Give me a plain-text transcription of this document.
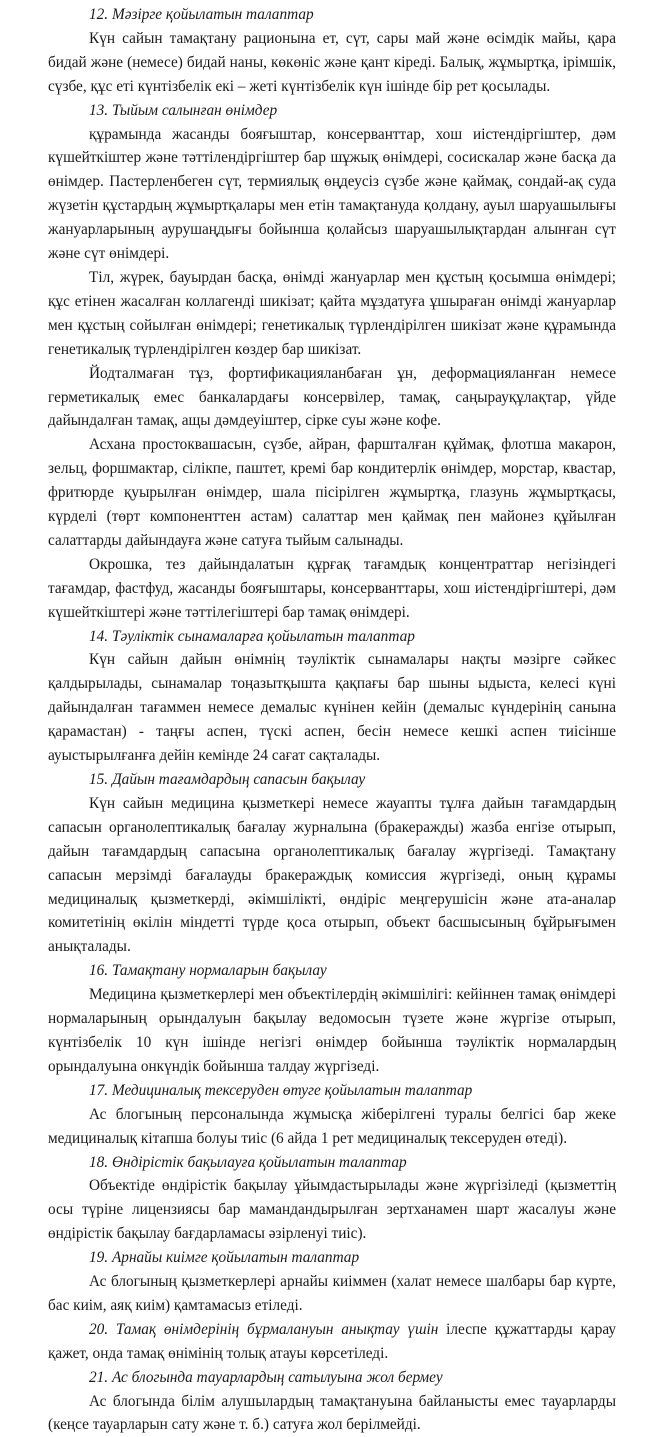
12. Мәзірге қойылатын талаптар

Күн сайын тамақтану рационына ет, сүт, сары май және өсімдік майы, қара бидай және (немесе) бидай наны, көкөніс және қант кіреді. Балық, жұмыртқа, ірімшік, сүзбе, құс еті күнтізбелік екі – жеті күнтізбелік күн ішінде бір рет қосылады.

13. Тыйым салынған өнімдер

құрамында жасанды бояғыштар, консерванттар, хош иістендіргіштер, дәм күшейткіштер және тәттілендіргіштер бар шұжық өнімдері, сосискалар және басқа да өнімдер. Пастерленбеген сүт, термиялық өңдеусіз сүзбе және қаймақ, сондай-ақ суда жүзетін құстардың жұмыртқалары мен етін тамақтануда қолдану, ауыл шаруашылығы жануарларының аурушаңдығы бойынша қолайсыз шаруашылықтардан алынған сүт және сүт өнімдері.

Тіл, жүрек, бауырдан басқа, өнімді жануарлар мен құстың қосымша өнімдері; құс етінен жасалған коллагенді шикізат; қайта мұздатуға ұшыраған өнімді жануарлар мен құстың сойылған өнімдері; генетикалық түрлендірілген шикізат және құрамында генетикалық түрлендірілген көздер бар шикізат.

Йодталмаған тұз, фортификацияланбаған ұн, деформацияланған немесе герметикалық емес банкалардағы консервілер, тамақ, саңырауқұлақтар, үйде дайындалған тамақ, ащы дәмдеуіштер, сірке суы және кофе.

Асхана простоквашасын, сүзбе, айран, фаршталған құймақ, флотша макарон, зельц, форшмактар, сілікпе, паштет, кремі бар кондитерлік өнімдер, морстар, квастар, фритюрде қуырылған өнімдер, шала пісірілген жұмыртқа, глазунь жұмыртқасы, күрделі (төрт компоненттен астам) салаттар мен қаймақ пен майонез құйылған салаттарды дайындауға және сатуға тыйым салынады.

Окрошка, тез дайындалатын құрғақ тағамдық концентраттар негізіндегі тағамдар, фастфуд, жасанды бояғыштары, консерванттары, хош иістендіргіштері, дәм күшейткіштері және тәттілегіштері бар тамақ өнімдері.

14. Тәуліктік сынамаларға қойылатын талаптар

Күн сайын дайын өнімнің тәуліктік сынамалары нақты мәзірге сәйкес қалдырылады, сынамалар тоңазытқышта қақпағы бар шыны ыдыста, келесі күні дайындалған тағаммен немесе демалыс күнінен кейін (демалыс күндерінің санына қарамастан) - таңғы аспен, түскі аспен, бесін немесе кешкі аспен тиісінше ауыстырылғанға дейін кемінде 24 сағат сақталады.

15. Дайын тағамдардың сапасын бақылау

Күн сайын медицина қызметкері немесе жауапты тұлға дайын тағамдардың сапасын органолептикалық бағалау журналына (бракеражды) жазба енгізе отырып, дайын тағамдардың сапасына органолептикалық бағалау жүргізеді. Тамақтану сапасын мерзімді бағалауды бракераждық комиссия жүргізеді, оның құрамы медициналық қызметкерді, әкімшілікті, өндіріс меңгерушісін және ата-аналар комитетінің өкілін міндетті түрде қоса отырып, объект басшысының бұйрығымен анықталады.

16. Тамақтану нормаларын бақылау

Медицина қызметкерлері мен объектілердің әкімшілігі: кейіннен тамақ өнімдері нормаларының орындалуын бақылау ведомосын түзете және жүргізе отырып, күнтізбелік 10 күн ішінде негізгі өнімдер бойынша тәуліктік нормалардың орындалуына онкүндік бойынша талдау жүргізеді.

17. Медициналық тексеруден өтуге қойылатын талаптар

Ас блогының персоналында жұмысқа жіберілгені туралы белгісі бар жеке медициналық кітапша болуы тиіс (6 айда 1 рет медициналық тексеруден өтеді).

18. Өндірістік бақылауға қойылатын талаптар

Объектіде өндірістік бақылау ұйымдастырылады және жүргізіледі (қызметтің осы түріне лицензиясы бар мамандандырылған зертханамен шарт жасалуы және өндірістік бақылау бағдарламасы әзірленуі тиіс).

19. Арнайы киімге қойылатын талаптар

Ас блогының қызметкерлері арнайы киіммен (халат немесе шалбары бар күрте, бас киім, аяқ киім) қамтамасыз етіледі.

20. Тамақ өнімдерінің бұрмалануын анықтау үшін ілеспе құжаттарды қарау қажет, онда тамақ өнімінің толық атауы көрсетіледі.

21. Ас блогында тауарлардың сатылуына жол бермеу

Ас блогында білім алушылардың тамақтануына байланысты емес тауарларды (кеңсе тауарларын сату және т. б.) сатуға жол берілмейді.
